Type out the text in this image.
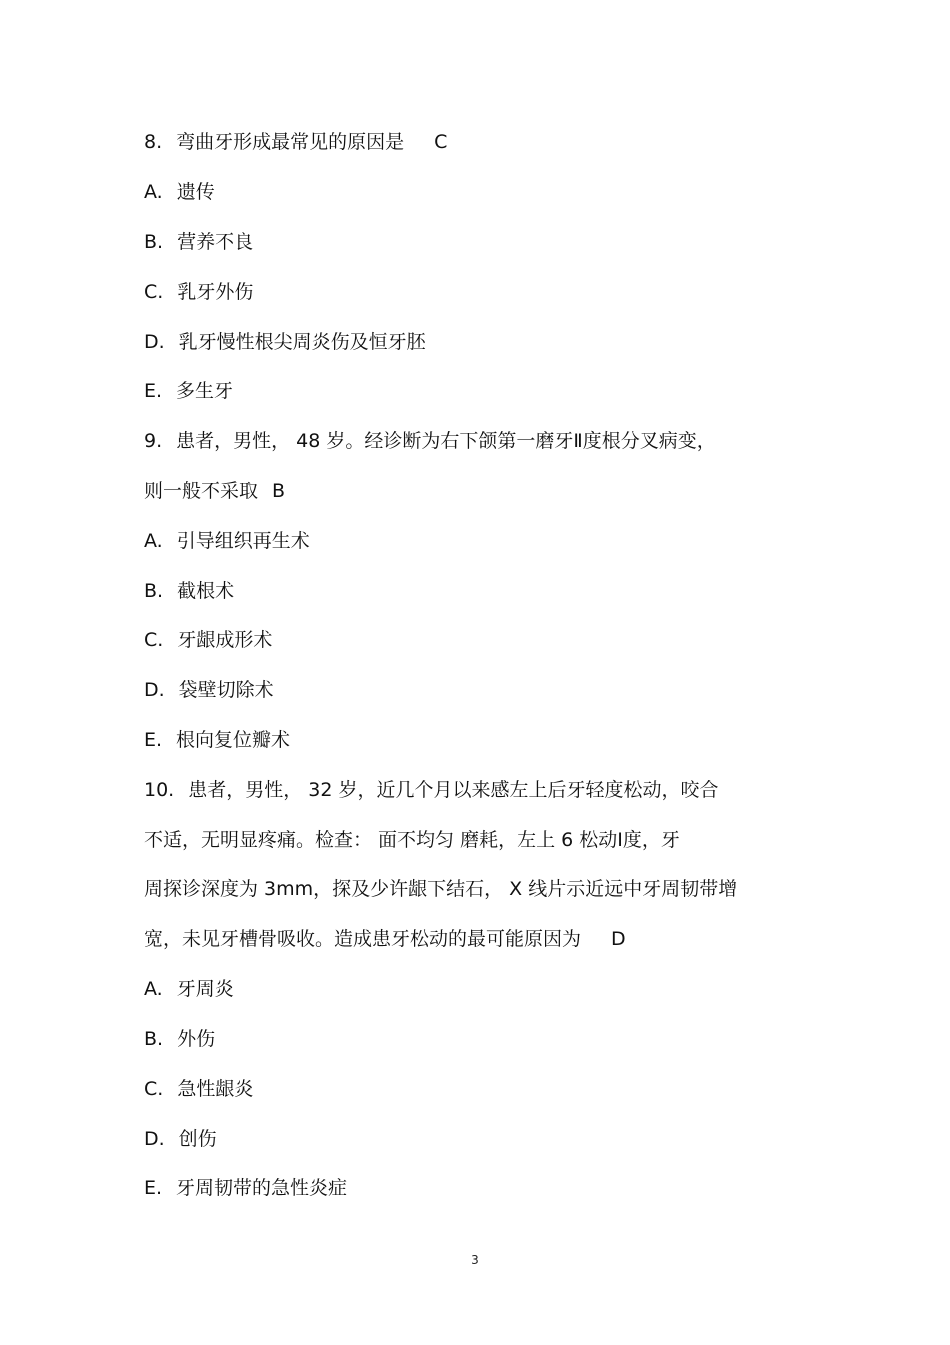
8. 弯曲牙形成最常见的原因是 C
A. 遗传
B. 营养不良
C. 乳牙外伤
D. 乳牙慢性根尖周炎伤及恒牙胚
E. 多生牙
9. 患者，男性， 48 岁。经诊断为右下颌第一磨牙Ⅱ度根分叉病变，
则一般不采取 B
A. 引导组织再生术
B. 截根术
C. 牙龈成形术
D. 袋壁切除术
E. 根向复位瓣术
10. 患者，男性， 32 岁，近几个月以来感左上后牙轻度松动，咬合
不适，无明显疼痛。检查： 面不均匀 磨耗，左上 6 松动Ⅰ度，牙
周探诊深度为 3mm，探及少许龈下结石， X 线片示近远中牙周韧带增
宽，未见牙槽骨吸收。造成患牙松动的最可能原因为 D
A. 牙周炎
B. 外伤
C. 急性龈炎
D. 创伤
E. 牙周韧带的急性炎症
3
